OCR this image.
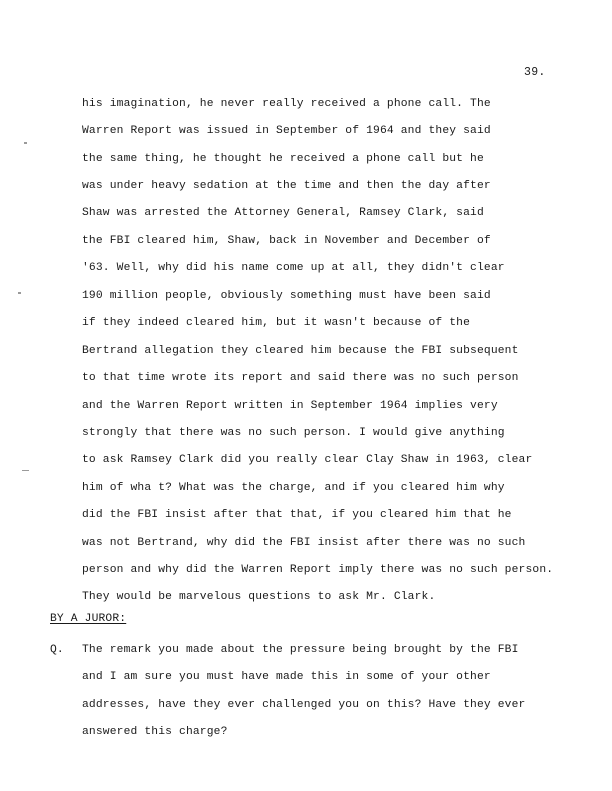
39.
his imagination, he never really received a phone call. The
Warren Report was issued in September of 1964 and they said
the same thing, he thought he received a phone call but he
was under heavy sedation at the time and then the day after
Shaw was arrested the Attorney General, Ramsey Clark, said
the FBI cleared him, Shaw, back in November and December of
'63. Well, why did his name come up at all, they didn't clear
190 million people, obviously something must have been said
if they indeed cleared him, but it wasn't because of the
Bertrand allegation they cleared him because the FBI subsequent
to that time wrote its report and said there was no such person
and the Warren Report written in September 1964 implies very
strongly that there was no such person. I would give anything
to ask Ramsey Clark did you really clear Clay Shaw in 1963, clear
him of wha t? What was the charge, and if you cleared him why
did the FBI insist after that that, if you cleared him that he
was not Bertrand, why did the FBI insist after there was no such
person and why did the Warren Report imply there was no such person.
They would be marvelous questions to ask Mr. Clark.
BY A JUROR:
Q. The remark you made about the pressure being brought by the FBI
and I am sure you must have made this in some of your other
addresses, have they ever challenged you on this? Have they ever
answered this charge?
